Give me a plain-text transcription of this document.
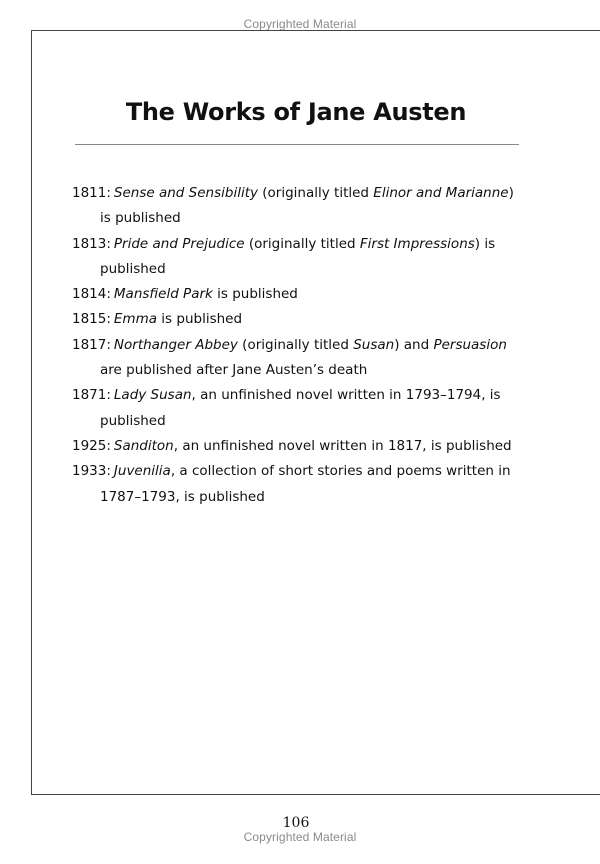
Copyrighted Material
The Works of Jane Austen
1811: Sense and Sensibility (originally titled Elinor and Marianne) is published
1813: Pride and Prejudice (originally titled First Impressions) is published
1814: Mansfield Park is published
1815: Emma is published
1817: Northanger Abbey (originally titled Susan) and Persuasion are published after Jane Austen’s death
1871: Lady Susan, an unfinished novel written in 1793–1794, is published
1925: Sanditon, an unfinished novel written in 1817, is published
1933: Juvenilia, a collection of short stories and poems written in 1787–1793, is published
106
Copyrighted Material
